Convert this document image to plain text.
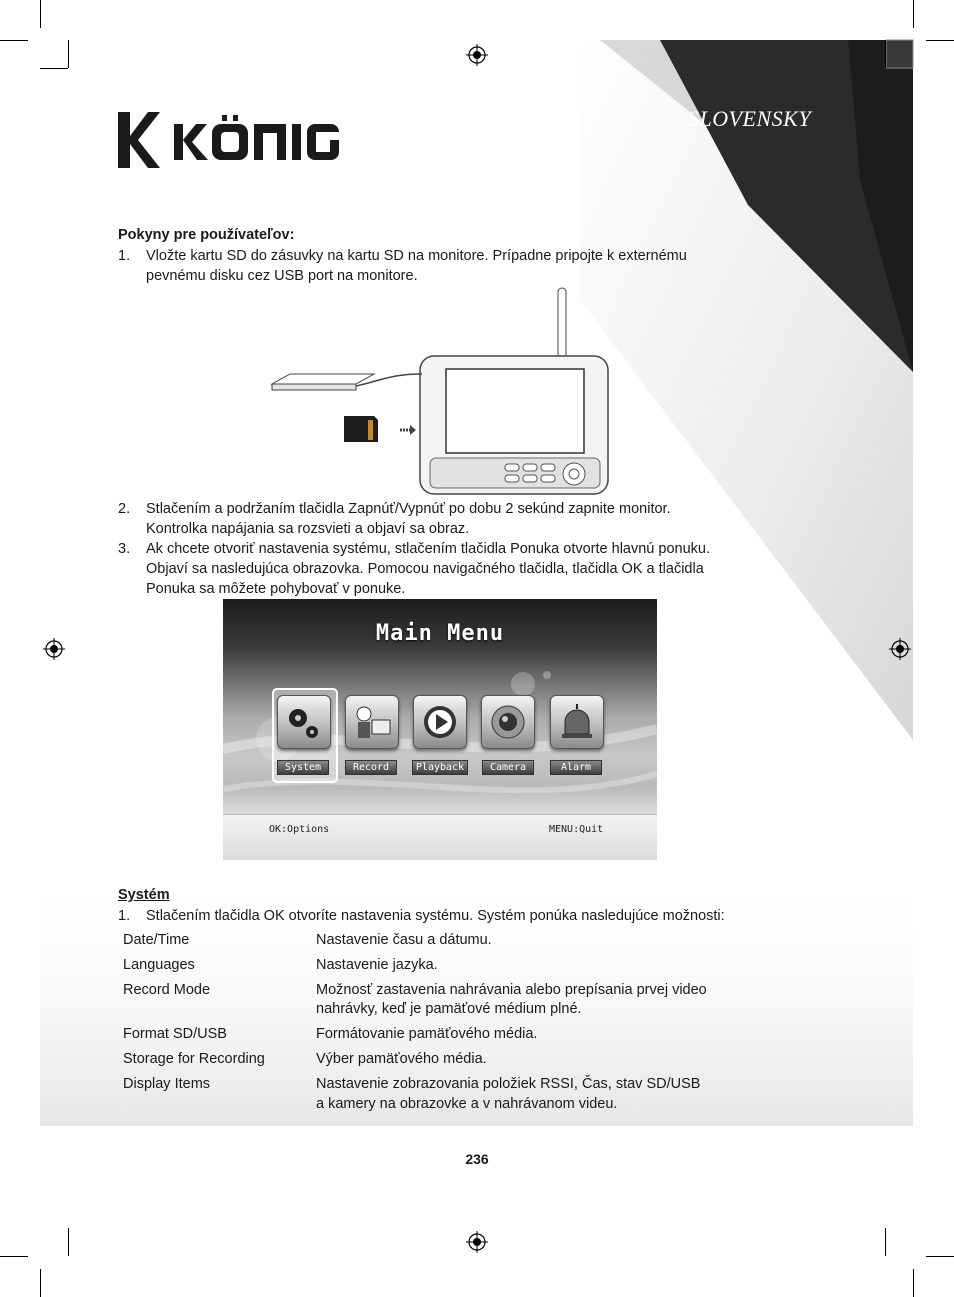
SLOVENSKY
Pokyny pre používateľov:
1. Vložte kartu SD do zásuvky na kartu SD na monitore. Prípadne pripojte k externému
pevnému disku cez USB port na monitore.
2. Stlačením a podržaním tlačidla Zapnúť/Vypnúť po dobu 2 sekúnd zapnite monitor.
Kontrolka napájania sa rozsvieti a objaví sa obraz.
3. Ak chcete otvoriť nastavenia systému, stlačením tlačidla Ponuka otvorte hlavnú ponuku.
Objaví sa nasledujúca obrazovka. Pomocou navigačného tlačidla, tlačidla OK a tlačidla
Ponuka sa môžete pohybovať v ponuke.
Main Menu
System	Record	Playback	Camera	Alarm
OK:Options	MENU:Quit
Systém
1. Stlačením tlačidla OK otvoríte nastavenia systému. Systém ponúka nasledujúce možnosti:
Date/Time	Nastavenie času a dátumu.
Languages	Nastavenie jazyka.
Record Mode	Možnosť zastavenia nahrávania alebo prepísania prvej video
nahrávky, keď je pamäťové médium plné.
Format SD/USB	Formátovanie pamäťového média.
Storage for Recording	Výber pamäťového média.
Display Items	Nastavenie zobrazovania položiek RSSI, Čas, stav SD/USB
a kamery na obrazovke a v nahrávanom videu.
236
